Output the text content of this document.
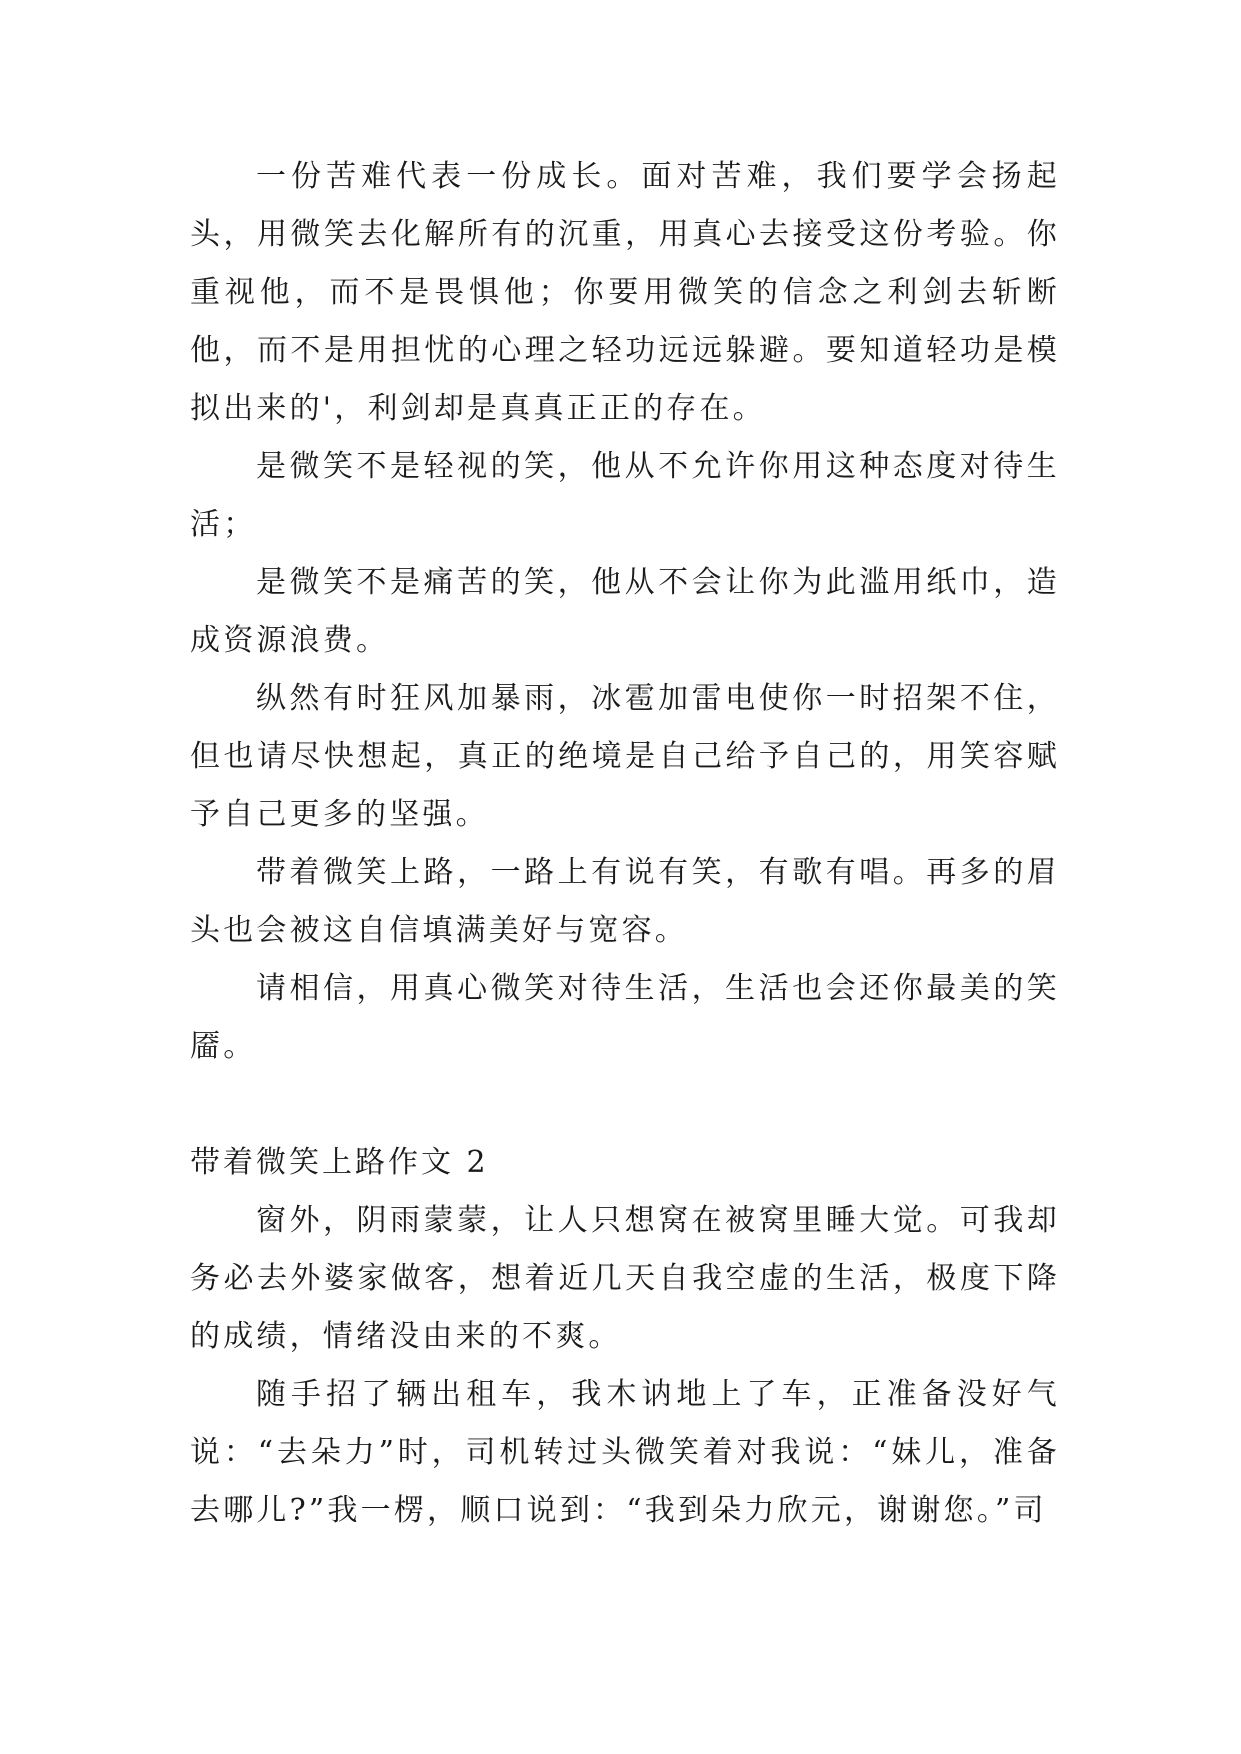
一份苦难代表一份成长。面对苦难，我们要学会扬起头，用微笑去化解所有的沉重，用真心去接受这份考验。你重视他，而不是畏惧他；你要用微笑的信念之利剑去斩断他，而不是用担忧的心理之轻功远远躲避。要知道轻功是模拟出来的'，利剑却是真真正正的存在。

是微笑不是轻视的笑，他从不允许你用这种态度对待生活；

是微笑不是痛苦的笑，他从不会让你为此滥用纸巾，造成资源浪费。

纵然有时狂风加暴雨，冰雹加雷电使你一时招架不住，但也请尽快想起，真正的绝境是自己给予自己的，用笑容赋予自己更多的坚强。

带着微笑上路，一路上有说有笑，有歌有唱。再多的眉头也会被这自信填满美好与宽容。

请相信，用真心微笑对待生活，生活也会还你最美的笑靥。

带着微笑上路作文 2

窗外，阴雨蒙蒙，让人只想窝在被窝里睡大觉。可我却务必去外婆家做客，想着近几天自我空虚的生活，极度下降的成绩，情绪没由来的不爽。

随手招了辆出租车，我木讷地上了车，正准备没好气说：“去朵力”时，司机转过头微笑着对我说：“妹儿，准备去哪儿?”我一楞，顺口说到：“我到朵力欣元，谢谢您。”司
